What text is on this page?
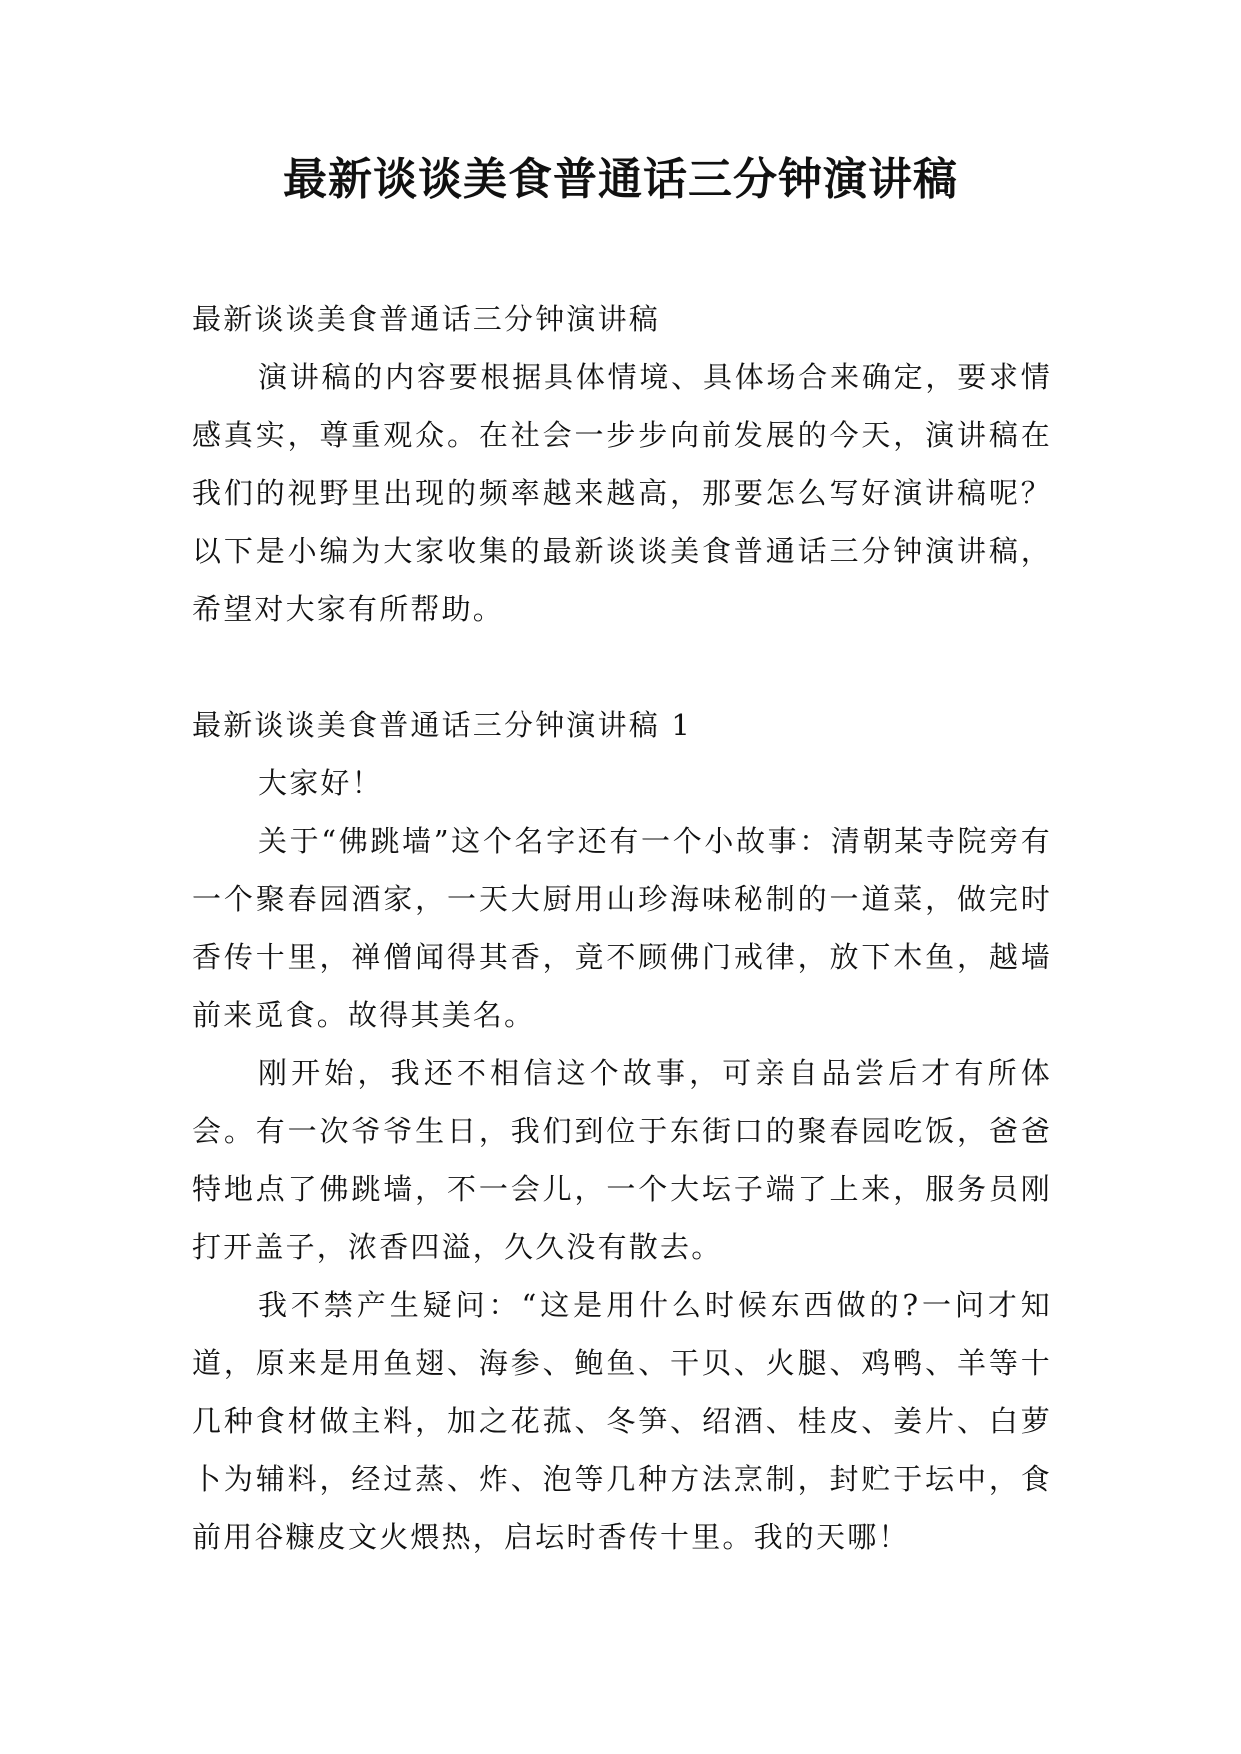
最新谈谈美食普通话三分钟演讲稿

最新谈谈美食普通话三分钟演讲稿

演讲稿的内容要根据具体情境、具体场合来确定，要求情感真实，尊重观众。在社会一步步向前发展的今天，演讲稿在我们的视野里出现的频率越来越高，那要怎么写好演讲稿呢？以下是小编为大家收集的最新谈谈美食普通话三分钟演讲稿，希望对大家有所帮助。

最新谈谈美食普通话三分钟演讲稿 1

大家好！

关于“佛跳墙”这个名字还有一个小故事：清朝某寺院旁有一个聚春园酒家，一天大厨用山珍海味秘制的一道菜，做完时香传十里，禅僧闻得其香，竟不顾佛门戒律，放下木鱼，越墙前来觅食。故得其美名。

刚开始，我还不相信这个故事，可亲自品尝后才有所体会。有一次爷爷生日，我们到位于东街口的聚春园吃饭，爸爸特地点了佛跳墙，不一会儿，一个大坛子端了上来，服务员刚打开盖子，浓香四溢，久久没有散去。

我不禁产生疑问：“这是用什么时候东西做的?一问才知道，原来是用鱼翅、海参、鲍鱼、干贝、火腿、鸡鸭、羊等十几种食材做主料，加之花菰、冬笋、绍酒、桂皮、姜片、白萝卜为辅料，经过蒸、炸、泡等几种方法烹制，封贮于坛中，食前用谷糠皮文火煨热，启坛时香传十里。我的天哪！
